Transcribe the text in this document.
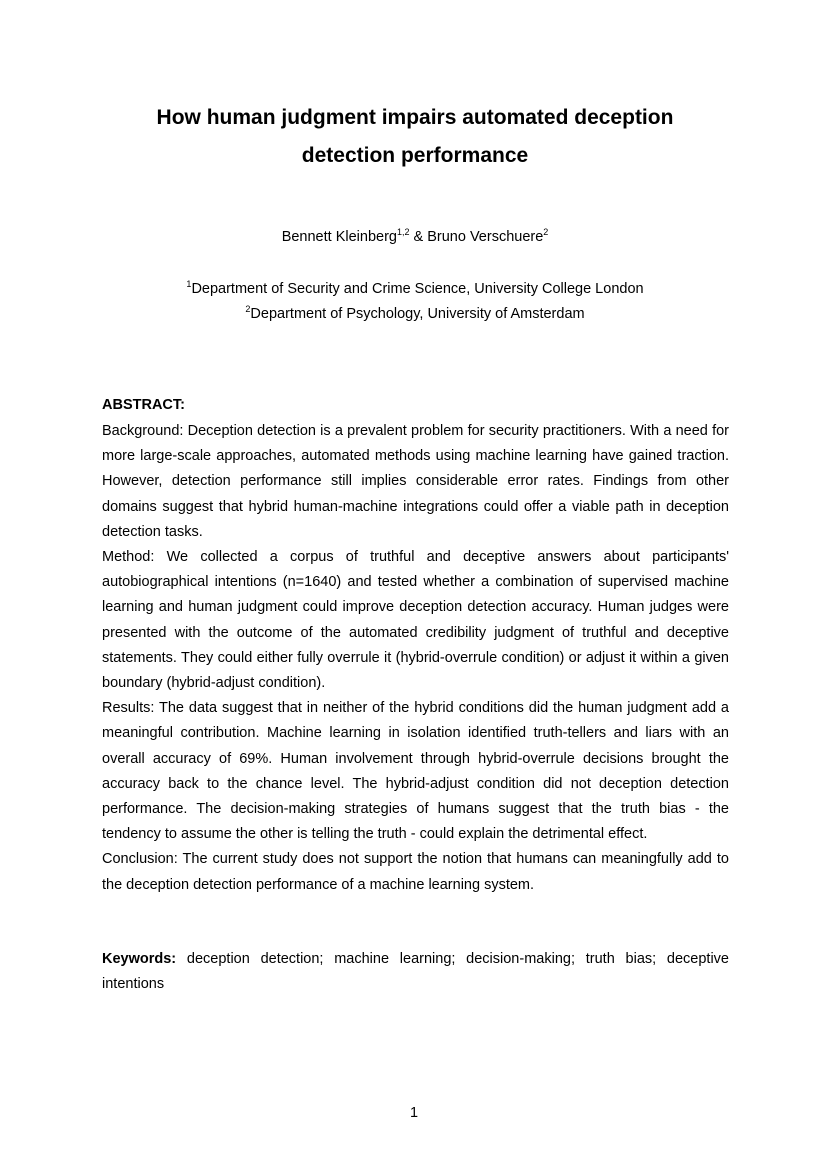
How human judgment impairs automated deception
detection performance
Bennett Kleinberg$^{1,2}$ & Bruno Verschuere$^2$
$^1$Department of Security and Crime Science, University College London
$^2$Department of Psychology, University of Amsterdam
ABSTRACT:

Background: Deception detection is a prevalent problem for security practitioners. With a need for more large-scale approaches, automated methods using machine learning have gained traction. However, detection performance still implies considerable error rates. Findings from other domains suggest that hybrid human-machine integrations could offer a viable path in deception detection tasks.

Method: We collected a corpus of truthful and deceptive answers about participants' autobiographical intentions (n=1640) and tested whether a combination of supervised machine learning and human judgment could improve deception detection accuracy. Human judges were presented with the outcome of the automated credibility judgment of truthful and deceptive statements. They could either fully overrule it (hybrid-overrule condition) or adjust it within a given boundary (hybrid-adjust condition).

Results: The data suggest that in neither of the hybrid conditions did the human judgment add a meaningful contribution. Machine learning in isolation identified truth-tellers and liars with an overall accuracy of 69%. Human involvement through hybrid-overrule decisions brought the accuracy back to the chance level. The hybrid-adjust condition did not deception detection performance. The decision-making strategies of humans suggest that the truth bias - the tendency to assume the other is telling the truth - could explain the detrimental effect.

Conclusion: The current study does not support the notion that humans can meaningfully add to the deception detection performance of a machine learning system.

Keywords: deception detection; machine learning; decision-making; truth bias; deceptive intentions
1
